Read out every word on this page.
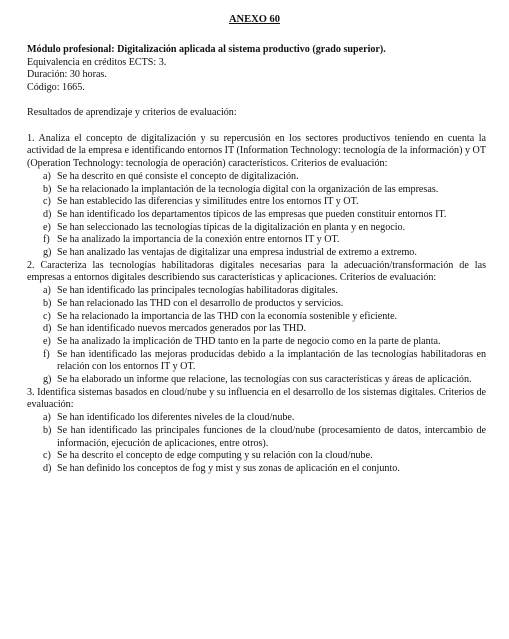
ANEXO 60
Módulo profesional: Digitalización aplicada al sistema productivo (grado superior).
Equivalencia en créditos ECTS: 3.
Duración: 30 horas.
Código: 1665.
Resultados de aprendizaje y criterios de evaluación:
1. Analiza el concepto de digitalización y su repercusión en los sectores productivos teniendo en cuenta la actividad de la empresa e identificando entornos IT (Information Technology: tecnología de la información) y OT (Operation Technology: tecnología de operación) característicos. Criterios de evaluación:
a) Se ha descrito en qué consiste el concepto de digitalización.
b) Se ha relacionado la implantación de la tecnología digital con la organización de las empresas.
c) Se han establecido las diferencias y similitudes entre los entornos IT y OT.
d) Se han identificado los departamentos típicos de las empresas que pueden constituir entornos IT.
e) Se han seleccionado las tecnologías típicas de la digitalización en planta y en negocio.
f) Se ha analizado la importancia de la conexión entre entornos IT y OT.
g) Se han analizado las ventajas de digitalizar una empresa industrial de extremo a extremo.
2. Caracteriza las tecnologías habilitadoras digitales necesarias para la adecuación/transformación de las empresas a entornos digitales describiendo sus características y aplicaciones. Criterios de evaluación:
a) Se han identificado las principales tecnologías habilitadoras digitales.
b) Se han relacionado las THD con el desarrollo de productos y servicios.
c) Se ha relacionado la importancia de las THD con la economía sostenible y eficiente.
d) Se han identificado nuevos mercados generados por las THD.
e) Se ha analizado la implicación de THD tanto en la parte de negocio como en la parte de planta.
f) Se han identificado las mejoras producidas debido a la implantación de las tecnologías habilitadoras en relación con los entornos IT y OT.
g) Se ha elaborado un informe que relacione, las tecnologías con sus características y áreas de aplicación.
3. Identifica sistemas basados en cloud/nube y su influencia en el desarrollo de los sistemas digitales. Criterios de evaluación:
a) Se han identificado los diferentes niveles de la cloud/nube.
b) Se han identificado las principales funciones de la cloud/nube (procesamiento de datos, intercambio de información, ejecución de aplicaciones, entre otros).
c) Se ha descrito el concepto de edge computing y su relación con la cloud/nube.
d) Se han definido los conceptos de fog y mist y sus zonas de aplicación en el conjunto.
